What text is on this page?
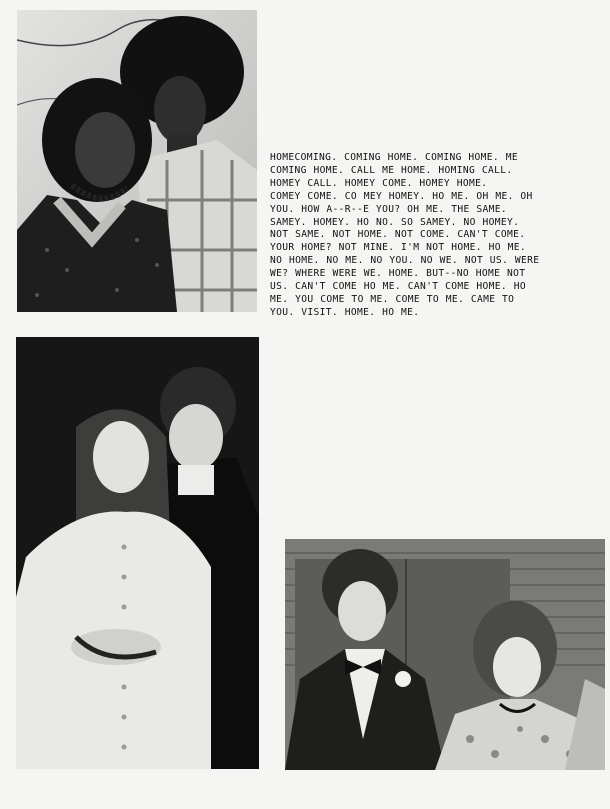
HOMECOMING. COMING HOME. COMING HOME. ME
COMING HOME. CALL ME HOME. HOMING CALL.
HOMEY CALL. HOMEY COME. HOMEY HOME.
COMEY COME. CO MEY HOMEY. HO ME. OH ME. OH
YOU. HOW A--R--E YOU? OH ME. THE SAME.
SAMEY. HOMEY. HO NO. SO SAMEY. NO HOMEY.
NOT SAME. NOT HOME. NOT COME. CAN'T COME.
YOUR HOME? NOT MINE. I'M NOT HOME. HO ME.
NO HOME. NO ME. NO YOU. NO WE. NOT US. WERE
WE? WHERE WERE WE. HOME. BUT--NO HOME NOT
US. CAN'T COME HO ME. CAN'T COME HOME. HO
ME. YOU COME TO ME. COME TO ME. CAME TO
YOU. VISIT. HOME. HO ME.
